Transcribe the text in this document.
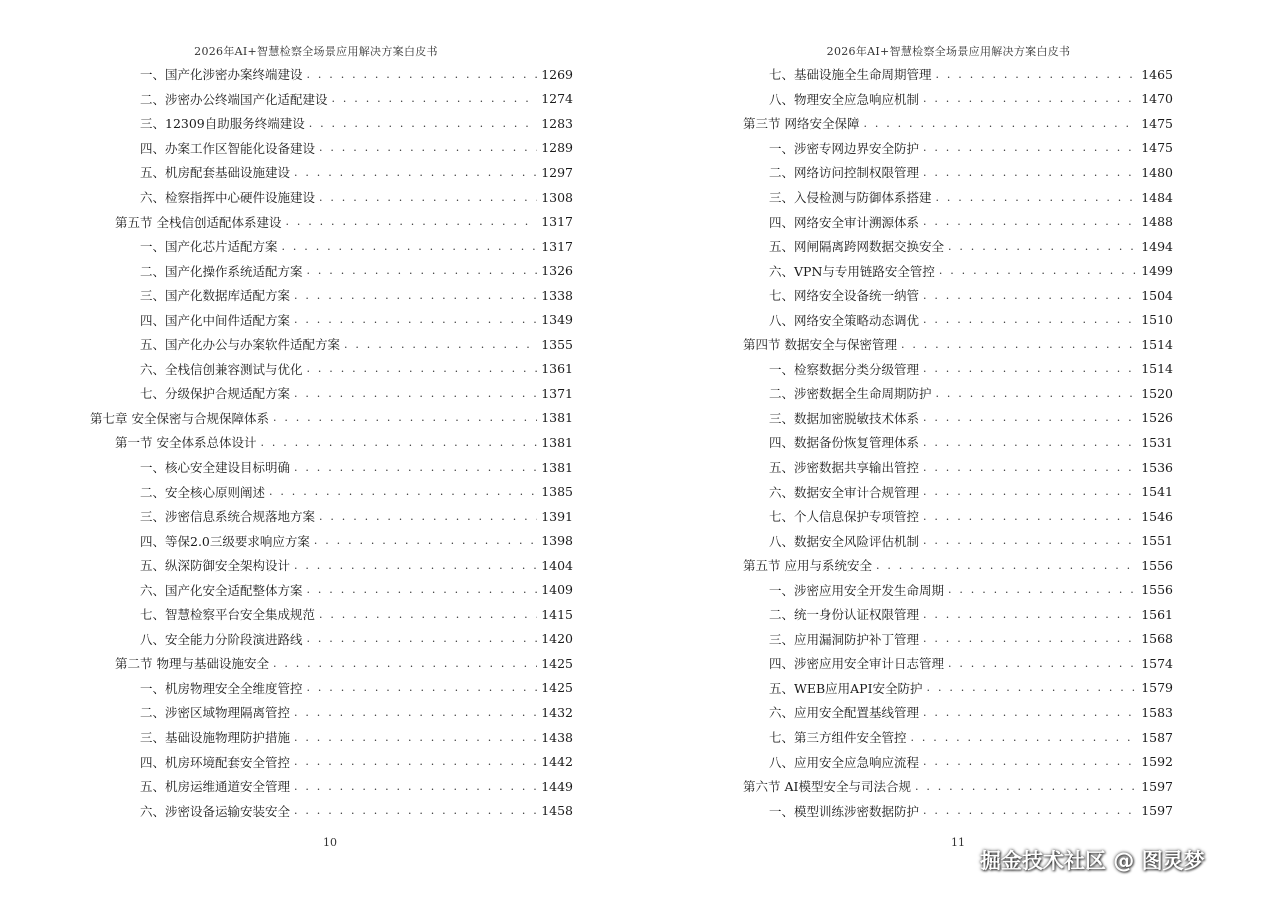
2026年AI+智慧检察全场景应用解决方案白皮书
一、国产化涉密办案终端建设 . . .	1269
二、涉密办公终端国产化适配建设 . . .	1274
三、12309自助服务终端建设 . . .	1283
四、办案工作区智能化设备建设 . . .	1289
五、机房配套基础设施建设 . . .	1297
六、检察指挥中心硬件设施建设 . . .	1308
第五节 全栈信创适配体系建设 . . .	1317
一、国产化芯片适配方案 . . .	1317
二、国产化操作系统适配方案 . . .	1326
三、国产化数据库适配方案 . . .	1338
四、国产化中间件适配方案 . . .	1349
五、国产化办公与办案软件适配方案 . . .	1355
六、全栈信创兼容测试与优化 . . .	1361
七、分级保护合规适配方案 . . .	1371
第七章 安全保密与合规保障体系 . . .	1381
第一节 安全体系总体设计 . . .	1381
一、核心安全建设目标明确 . . .	1381
二、安全核心原则阐述 . . .	1385
三、涉密信息系统合规落地方案 . . .	1391
四、等保2.0三级要求响应方案 . . .	1398
五、纵深防御安全架构设计 . . .	1404
六、国产化安全适配整体方案 . . .	1409
七、智慧检察平台安全集成规范 . . .	1415
八、安全能力分阶段演进路线 . . .	1420
第二节 物理与基础设施安全 . . .	1425
一、机房物理安全全维度管控 . . .	1425
二、涉密区域物理隔离管控 . . .	1432
三、基础设施物理防护措施 . . .	1438
四、机房环境配套安全管控 . . .	1442
五、机房运维通道安全管理 . . .	1449
六、涉密设备运输安装安全 . . .	1458
10
2026年AI+智慧检察全场景应用解决方案白皮书
七、基础设施全生命周期管理 . . .	1465
八、物理安全应急响应机制 . . .	1470
第三节 网络安全保障 . . .	1475
一、涉密专网边界安全防护 . . .	1475
二、网络访问控制权限管理 . . .	1480
三、入侵检测与防御体系搭建 . . .	1484
四、网络安全审计溯源体系 . . .	1488
五、网闸隔离跨网数据交换安全 . . .	1494
六、VPN与专用链路安全管控 . . .	1499
七、网络安全设备统一纳管 . . .	1504
八、网络安全策略动态调优 . . .	1510
第四节 数据安全与保密管理 . . .	1514
一、检察数据分类分级管理 . . .	1514
二、涉密数据全生命周期防护 . . .	1520
三、数据加密脱敏技术体系 . . .	1526
四、数据备份恢复管理体系 . . .	1531
五、涉密数据共享输出管控 . . .	1536
六、数据安全审计合规管理 . . .	1541
七、个人信息保护专项管控 . . .	1546
八、数据安全风险评估机制 . . .	1551
第五节 应用与系统安全 . . .	1556
一、涉密应用安全开发生命周期 . . .	1556
二、统一身份认证权限管理 . . .	1561
三、应用漏洞防护补丁管理 . . .	1568
四、涉密应用安全审计日志管理 . . .	1574
五、WEB应用API安全防护 . . .	1579
六、应用安全配置基线管理 . . .	1583
七、第三方组件安全管控 . . .	1587
八、应用安全应急响应流程 . . .	1592
第六节 AI模型安全与司法合规 . . .	1597
一、模型训练涉密数据防护 . . .	1597
11
掘金技术社区 @ 图灵梦
